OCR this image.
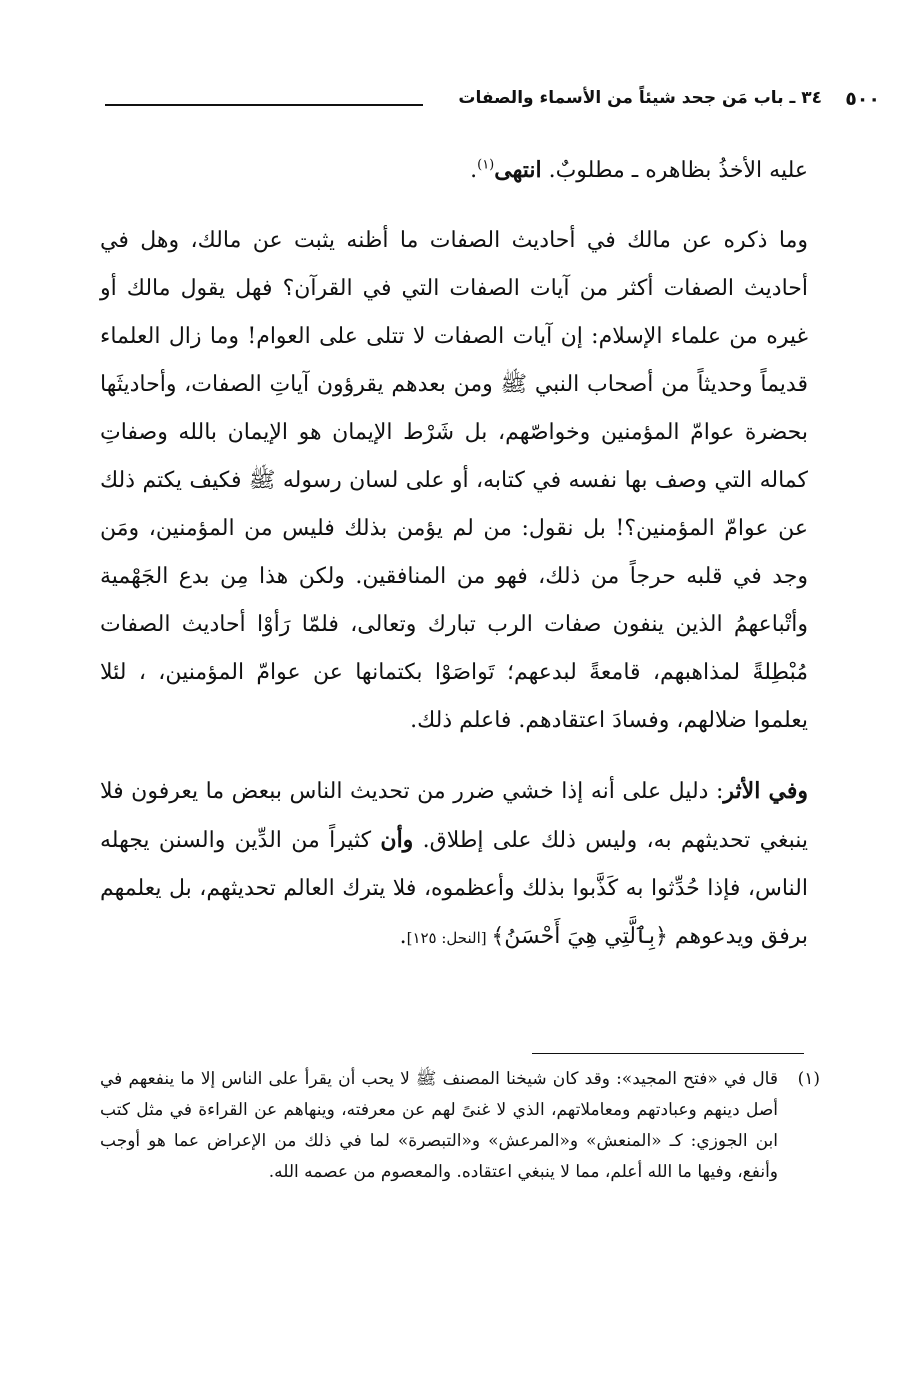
٥٠٠
٣٤ ـ باب مَن جحد شيئاً من الأسماء والصفات

عليه الأخذُ بظاهره ـ مطلوبٌ. انتهى$^{(١)}$.

وما ذكره عن مالك في أحاديث الصفات ما أظنه يثبت عن مالك، وهل في أحاديث الصفات أكثر من آيات الصفات التي في القرآن؟ فهل يقول مالك أو غيره من علماء الإسلام: إن آيات الصفات لا تتلى على العوام! وما زال العلماء قديماً وحديثاً من أصحاب النبي ﷺ ومن بعدهم يقرؤون آياتِ الصفات، وأحاديثَها بحضرة عوامّ المؤمنين وخواصّهم، بل شَرْط الإيمان هو الإيمان بالله وصفاتِ كماله التي وصف بها نفسه في كتابه، أو على لسان رسوله ﷺ فكيف يكتم ذلك عن عوامّ المؤمنين؟! بل نقول: من لم يؤمن بذلك فليس من المؤمنين، ومَن وجد في قلبه حرجاً من ذلك، فهو من المنافقين. ولكن هذا مِن بدع الجَهْمية وأتْباعهمُ الذين ينفون صفات الرب تبارك وتعالى، فلمّا رَأوْا أحاديث الصفات مُبْطِلةً لمذاهبهم، قامعةً لبدعهم؛ تَواصَوْا بكتمانها عن عوامّ المؤمنين، ، لئلا يعلموا ضلالهم، وفسادَ اعتقادهم. فاعلم ذلك.

وفي الأثر: دليل على أنه إذا خشي ضرر من تحديث الناس ببعض ما يعرفون فلا ينبغي تحديثهم به، وليس ذلك على إطلاق. وأن كثيراً من الدِّين والسنن يجهله الناس، فإذا حُدِّثوا به كَذَّبوا بذلك وأعظموه، فلا يترك العالم تحديثهم، بل يعلمهم برفق ويدعوهم ﴿بِٱلَّتِي هِيَ أَحْسَنُ﴾ [النحل: ١٢٥].

(١)
قال في «فتح المجيد»: وقد كان شيخنا المصنف ﷺ لا يحب أن يقرأ على الناس إلا ما ينفعهم في أصل دينهم وعبادتهم ومعاملاتهم، الذي لا غنىً لهم عن معرفته، وينهاهم عن القراءة في مثل كتب ابن الجوزي: كـ «المنعش» و«المرعش» و«التبصرة» لما في ذلك من الإعراض عما هو أوجب وأنفع، وفيها ما الله أعلم، مما لا ينبغي اعتقاده. والمعصوم من عصمه الله.
